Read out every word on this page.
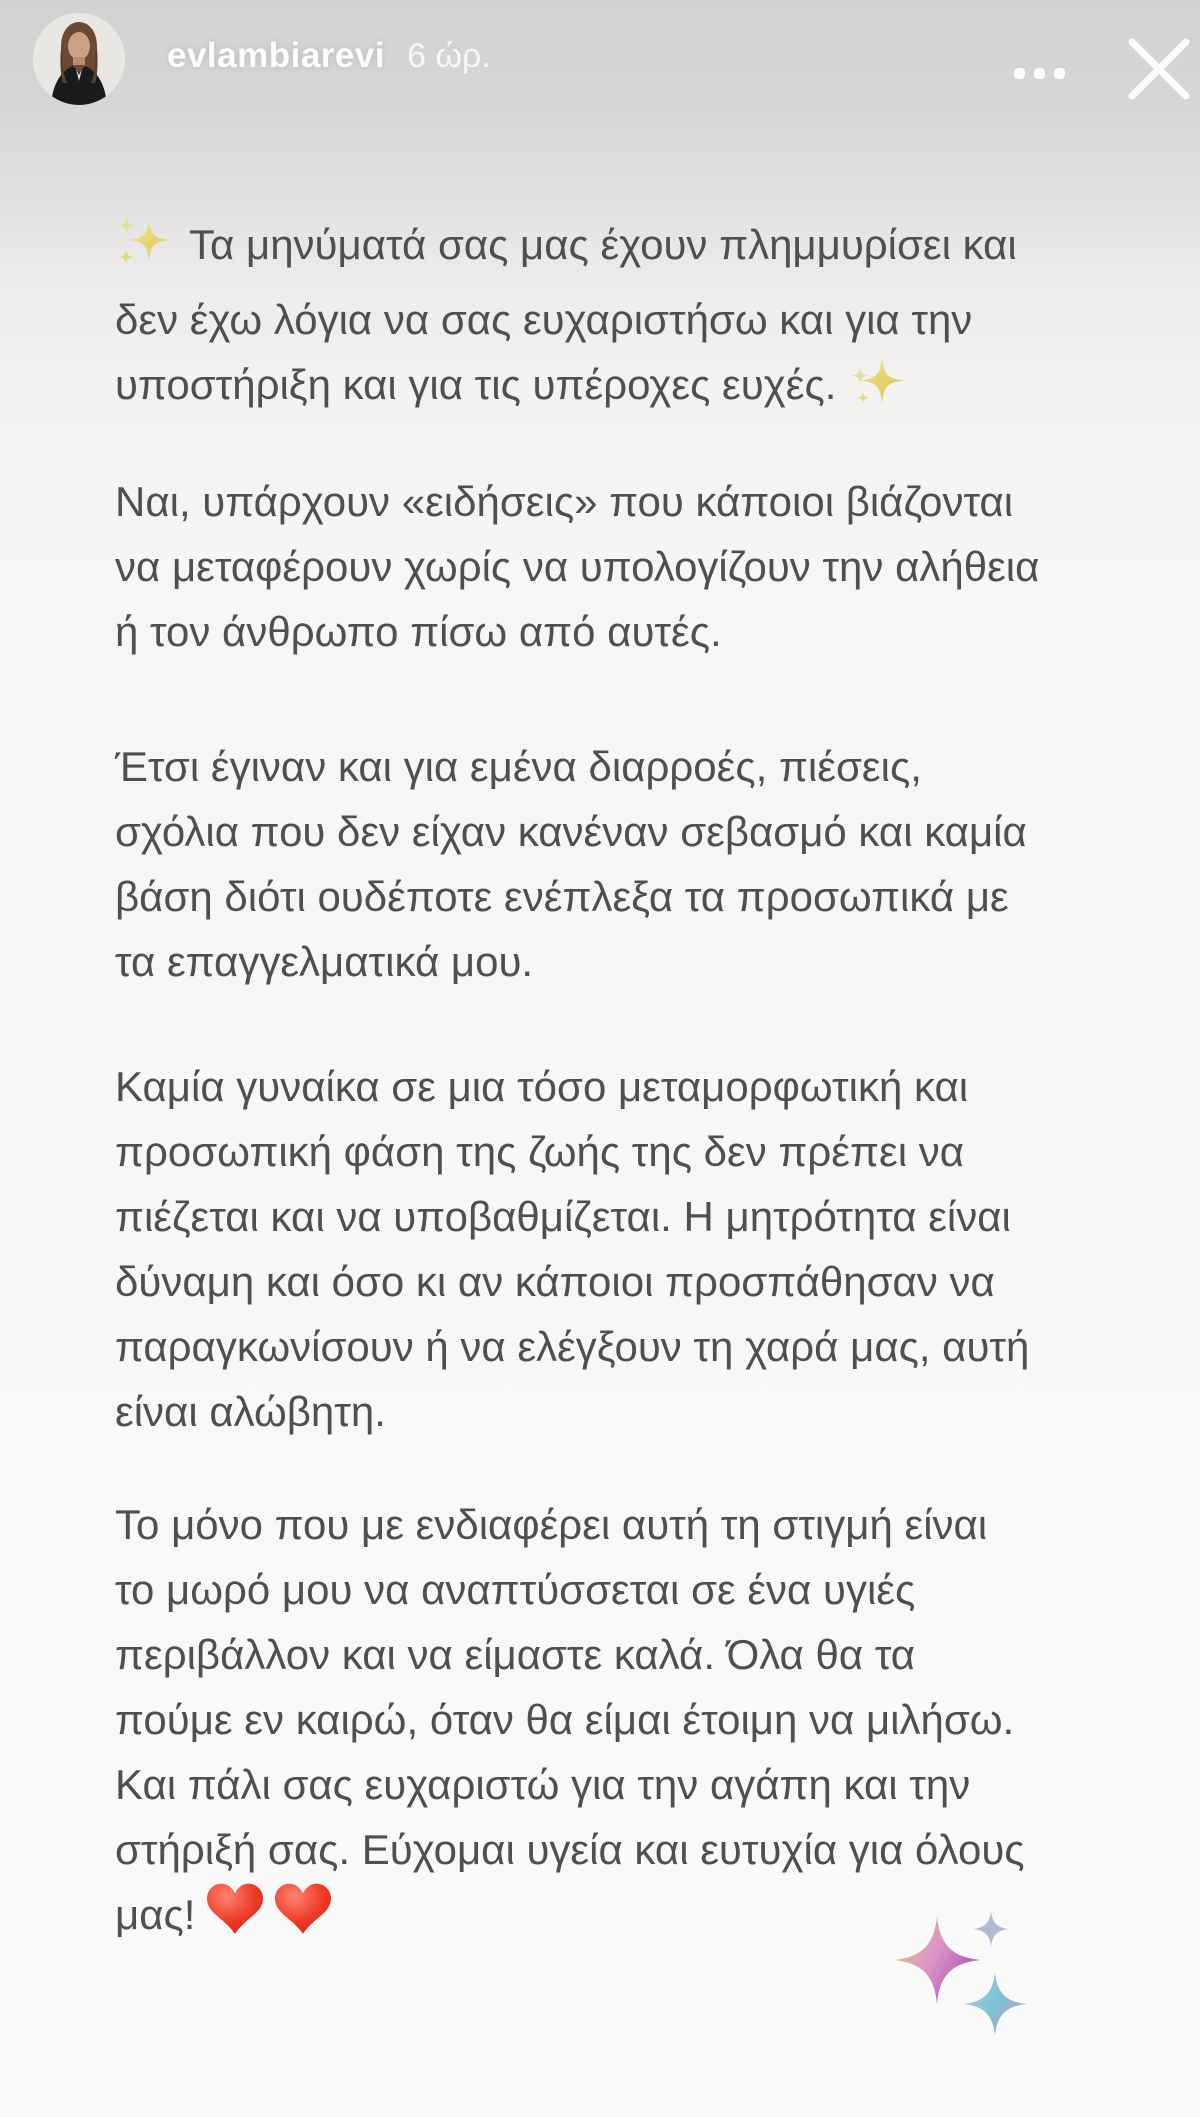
evlambiarevi 6 ώρ.
Τα μηνύματά σας μας έχουν πλημμυρίσει και
δεν έχω λόγια να σας ευχαριστήσω και για την
υποστήριξη και για τις υπέροχες ευχές.
Ναι, υπάρχουν «ειδήσεις» που κάποιοι βιάζονται
να μεταφέρουν χωρίς να υπολογίζουν την αλήθεια
ή τον άνθρωπο πίσω από αυτές.
Έτσι έγιναν και για εμένα διαρροές, πιέσεις,
σχόλια που δεν είχαν κανέναν σεβασμό και καμία
βάση διότι ουδέποτε ενέπλεξα τα προσωπικά με
τα επαγγελματικά μου.
Καμία γυναίκα σε μια τόσο μεταμορφωτική και
προσωπική φάση της ζωής της δεν πρέπει να
πιέζεται και να υποβαθμίζεται. Η μητρότητα είναι
δύναμη και όσο κι αν κάποιοι προσπάθησαν να
παραγκωνίσουν ή να ελέγξουν τη χαρά μας, αυτή
είναι αλώβητη.
Το μόνο που με ενδιαφέρει αυτή τη στιγμή είναι
το μωρό μου να αναπτύσσεται σε ένα υγιές
περιβάλλον και να είμαστε καλά. Όλα θα τα
πούμε εν καιρώ, όταν θα είμαι έτοιμη να μιλήσω.
Και πάλι σας ευχαριστώ για την αγάπη και την
στήριξή σας. Εύχομαι υγεία και ευτυχία για όλους
μας!
